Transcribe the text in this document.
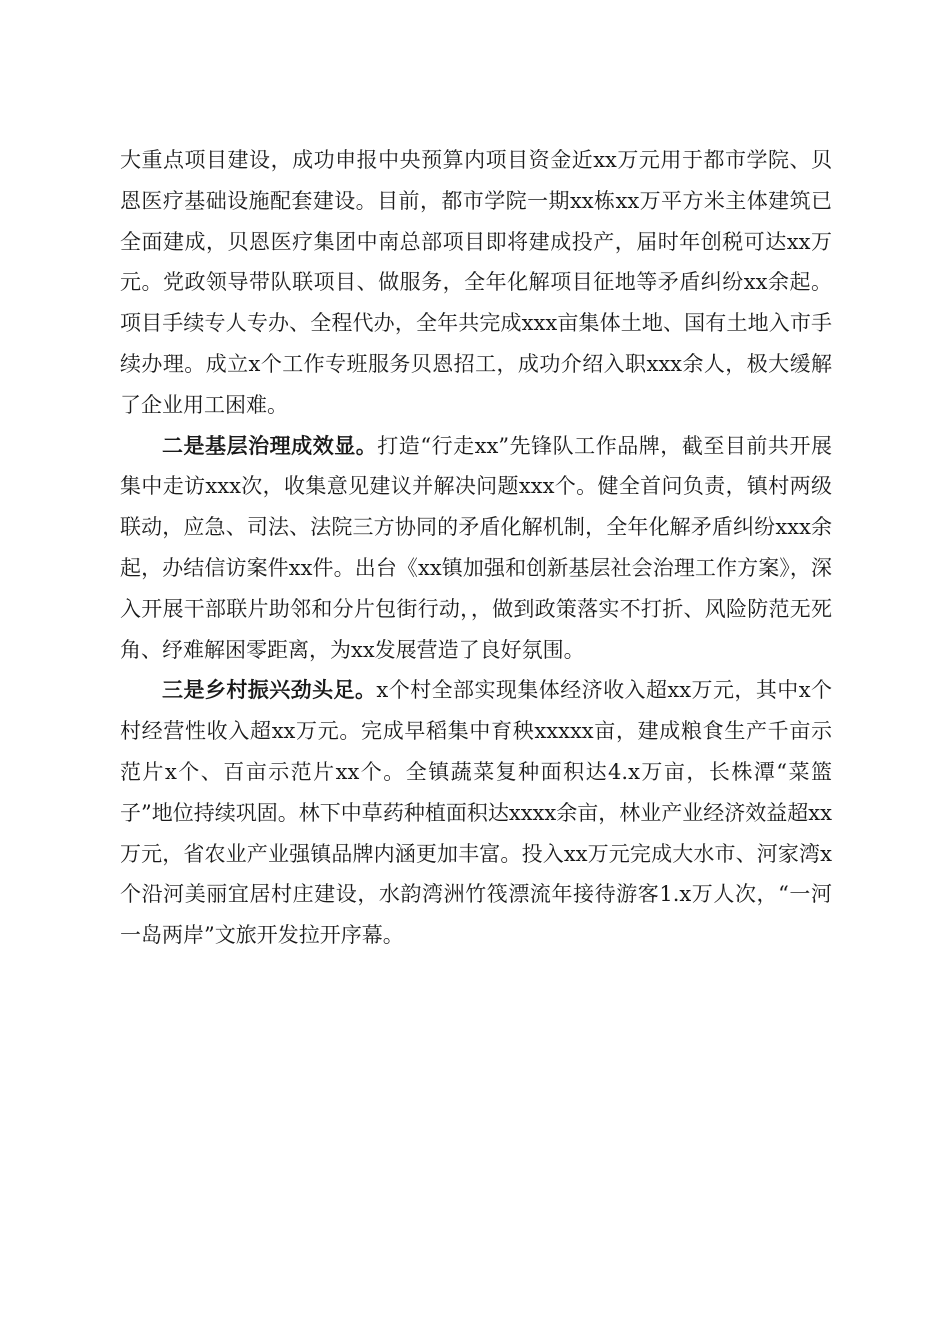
大重点项目建设，成功申报中央预算内项目资金近xx万元用于都市学院、贝恩医疗基础设施配套建设。目前，都市学院一期xx栋xx万平方米主体建筑已全面建成，贝恩医疗集团中南总部项目即将建成投产，届时年创税可达xx万元。党政领导带队联项目、做服务，全年化解项目征地等矛盾纠纷xx余起。项目手续专人专办、全程代办，全年共完成xxx亩集体土地、国有土地入市手续办理。成立x个工作专班服务贝恩招工，成功介绍入职xxx余人，极大缓解了企业用工困难。

二是基层治理成效显。打造“行走xx”先锋队工作品牌，截至目前共开展集中走访xxx次，收集意见建议并解决问题xxx个。健全首问负责，镇村两级联动，应急、司法、法院三方协同的矛盾化解机制，全年化解矛盾纠纷xxx余起，办结信访案件xx件。出台《xx镇加强和创新基层社会治理工作方案》，深入开展干部联片助邻和分片包街行动，，做到政策落实不打折、风险防范无死角、纾难解困零距离，为xx发展营造了良好氛围。

三是乡村振兴劲头足。x个村全部实现集体经济收入超xx万元，其中x个村经营性收入超xx万元。完成早稻集中育秧xxxxx亩，建成粮食生产千亩示范片x个、百亩示范片xx个。全镇蔬菜复种面积达4.x万亩，长株潭“菜篮子”地位持续巩固。林下中草药种植面积达xxxx余亩，林业产业经济效益超xx万元，省农业产业强镇品牌内涵更加丰富。投入xx万元完成大水市、河家湾x个沿河美丽宜居村庄建设，水韵湾洲竹筏漂流年接待游客1.x万人次，“一河一岛两岸”文旅开发拉开序幕。
